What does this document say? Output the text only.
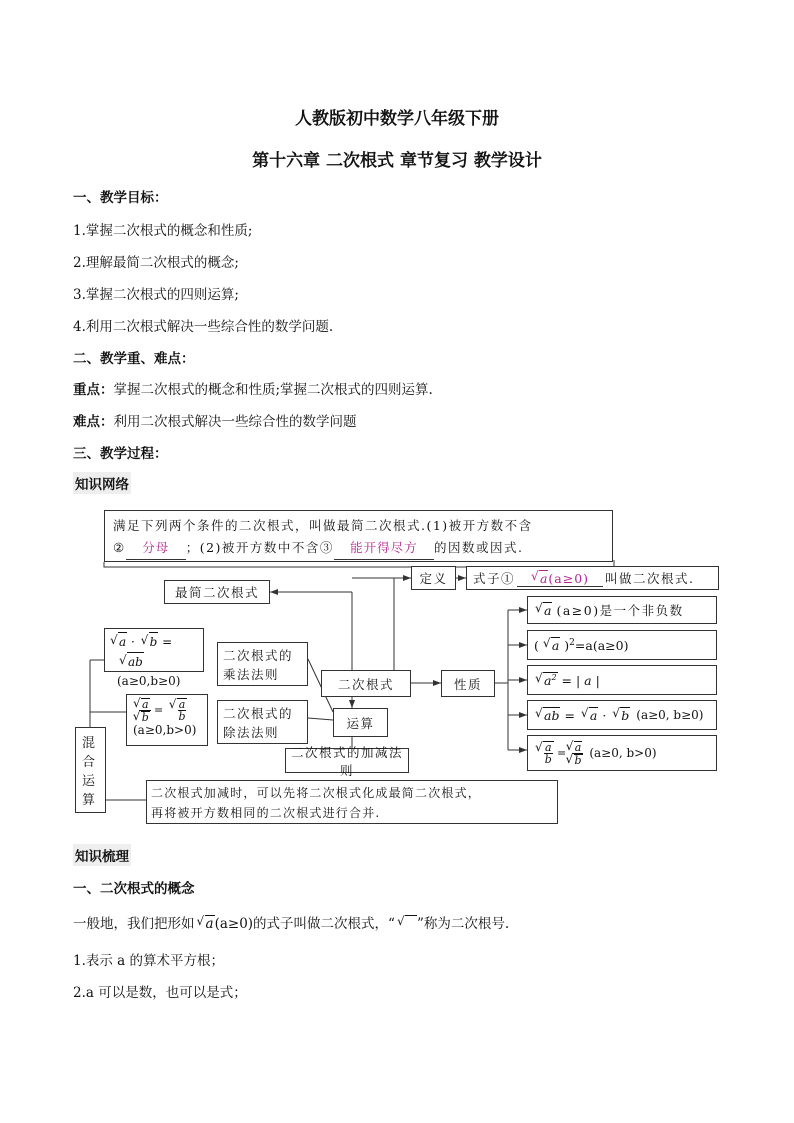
人教版初中数学八年级下册
第十六章 二次根式 章节复习 教学设计
一、教学目标：
1.掌握二次根式的概念和性质;
2.理解最简二次根式的概念;
3.掌握二次根式的四则运算;
4.利用二次根式解决一些综合性的数学问题.
二、教学重、难点：
重点：掌握二次根式的概念和性质;掌握二次根式的四则运算.
难点：利用二次根式解决一些综合性的数学问题
三、教学过程：
知识网络
满足下列两个条件的二次根式，叫做最简二次根式.(1)被开方数不含
② 分母 ；(2)被开方数中不含③ 能开得尽方 的因数或因式.
最简二次根式
定义	式子①	√ a(a≥0)	叫做二次根式.
√ a · √ b = √ ab
(a≥0,b≥0)
二次根式的乘法法则
√ a
√ b = √ $\frac{a}{b}$
(a≥0,b>0)
二次根式的除法法则
混合运算
二次根式
运算
性质
二次根式的加减法则
二次根式加减时，可以先将二次根式化成最简二次根式，
再将被开方数相同的二次根式进行合并.
√ a (a≥0)是一个非负数
( √ a )$^2$ =a(a≥0)
√ $a^2$ = | a |
√ ab = √ a · √ b (a≥0, b≥0)
√ $\frac{a}{b}$ = √ a
√ b (a≥0, b>0)
知识梳理
一、二次根式的概念
一般地，我们把形如 √ a(a≥0)的式子叫做二次根式，“ √ ”称为二次根号.
1.表示 a 的算术平方根；
2.a 可以是数，也可以是式；
